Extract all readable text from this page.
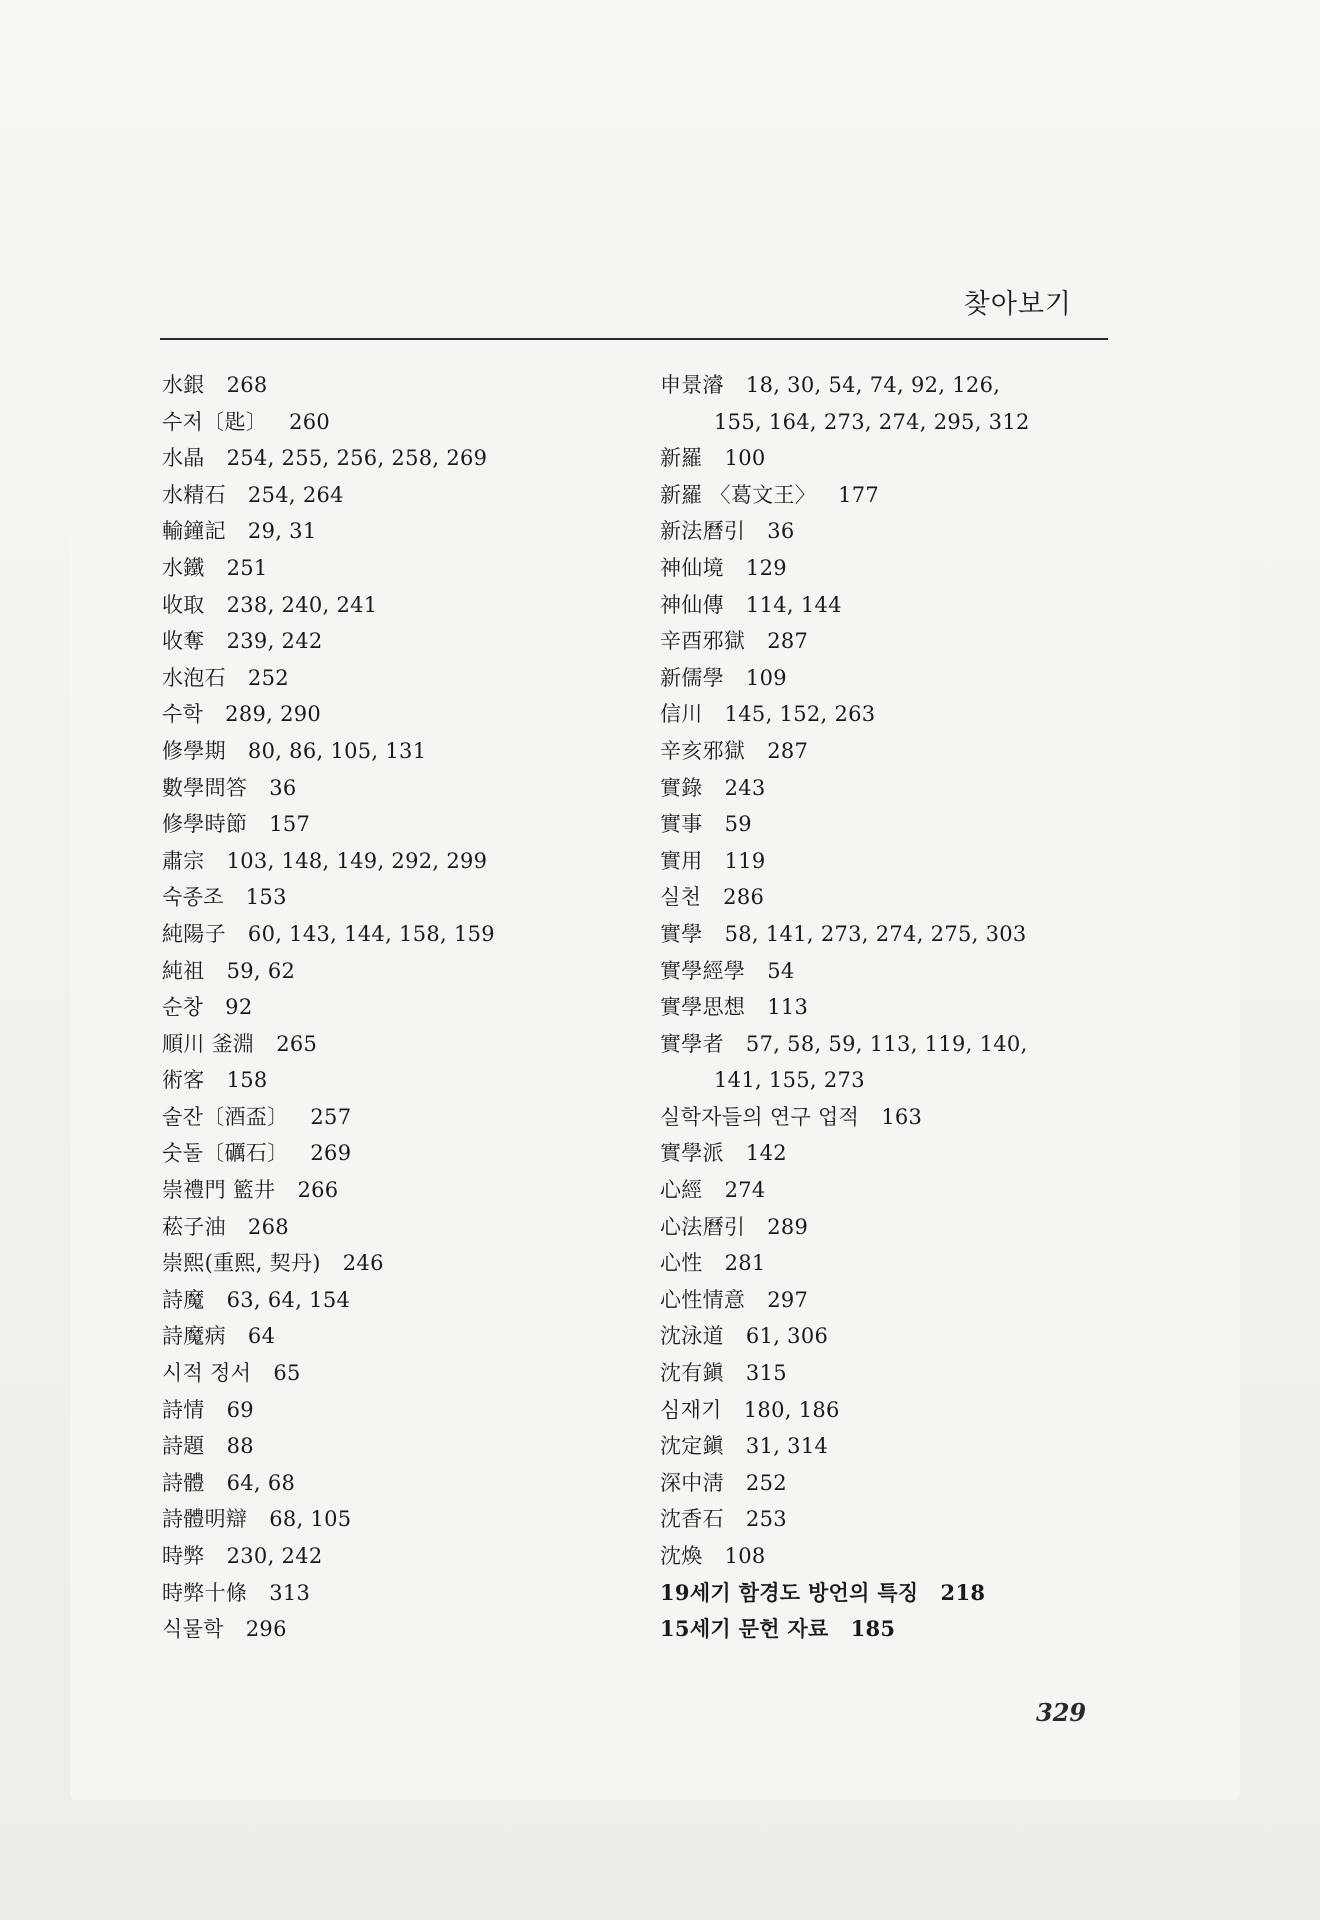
찾아보기
水銀 268
수저〔匙〕 260
水晶 254, 255, 256, 258, 269
水精石 254, 264
輸鐘記 29, 31
水鐵 251
收取 238, 240, 241
收奪 239, 242
水泡石 252
수학 289, 290
修學期 80, 86, 105, 131
數學問答 36
修學時節 157
肅宗 103, 148, 149, 292, 299
숙종조 153
純陽子 60, 143, 144, 158, 159
純祖 59, 62
순창 92
順川 釜淵 265
術客 158
술잔〔酒盃〕 257
숫돌〔礪石〕 269
崇禮門 籃井 266
菘子油 268
崇熙(重熙, 契丹) 246
詩魔 63, 64, 154
詩魔病 64
시적 정서 65
詩情 69
詩題 88
詩體 64, 68
詩體明辯 68, 105
時弊 230, 242
時弊十條 313
식물학 296
申景濬 18, 30, 54, 74, 92, 126,
155, 164, 273, 274, 295, 312
新羅 100
新羅 〈葛文王〉 177
新法曆引 36
神仙境 129
神仙傳 114, 144
辛酉邪獄 287
新儒學 109
信川 145, 152, 263
辛亥邪獄 287
實錄 243
實事 59
實用 119
실천 286
實學 58, 141, 273, 274, 275, 303
實學經學 54
實學思想 113
實學者 57, 58, 59, 113, 119, 140,
141, 155, 273
실학자들의 연구 업적 163
實學派 142
心經 274
心法曆引 289
心性 281
心性情意 297
沈泳道 61, 306
沈有鎭 315
심재기 180, 186
沈定鎭 31, 314
深中淸 252
沈香石 253
沈煥 108
19세기 함경도 방언의 특징 218
15세기 문헌 자료 185
329
